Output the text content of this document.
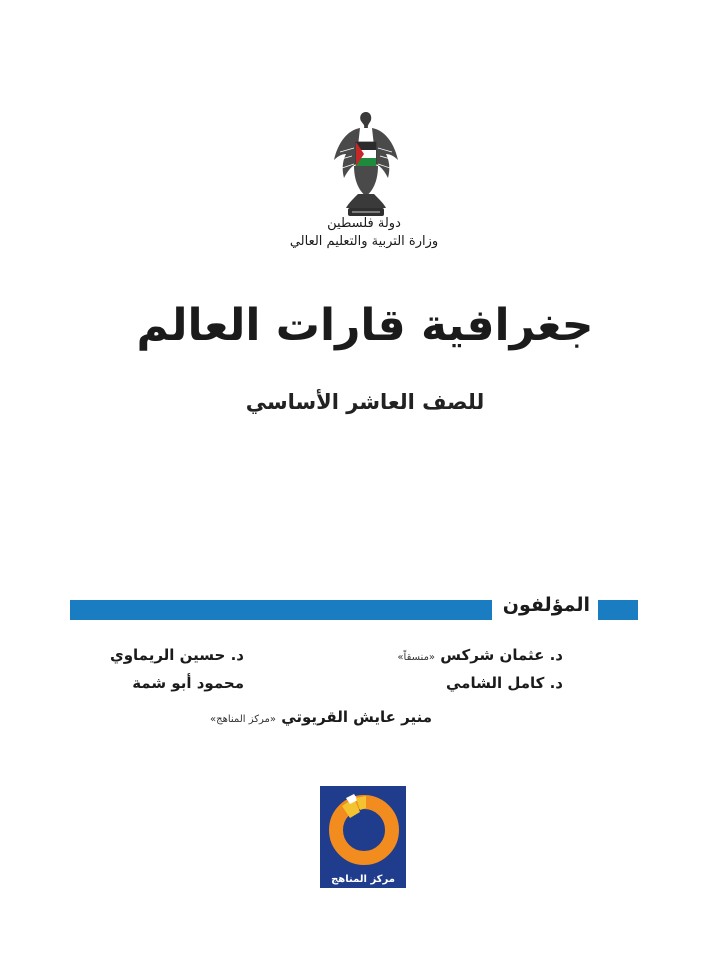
دولة فلسطين
وزارة التربية والتعليم العالي
جغرافية قارات العالم
للصف العاشر الأساسي
المؤلفون
د. عثمان شركس «منسقاً»
د. كامل الشامي
د. حسين الريماوي
محمود أبو شمة
منير عايش القريوتي «مركز المناهج»
مركز المناهج
